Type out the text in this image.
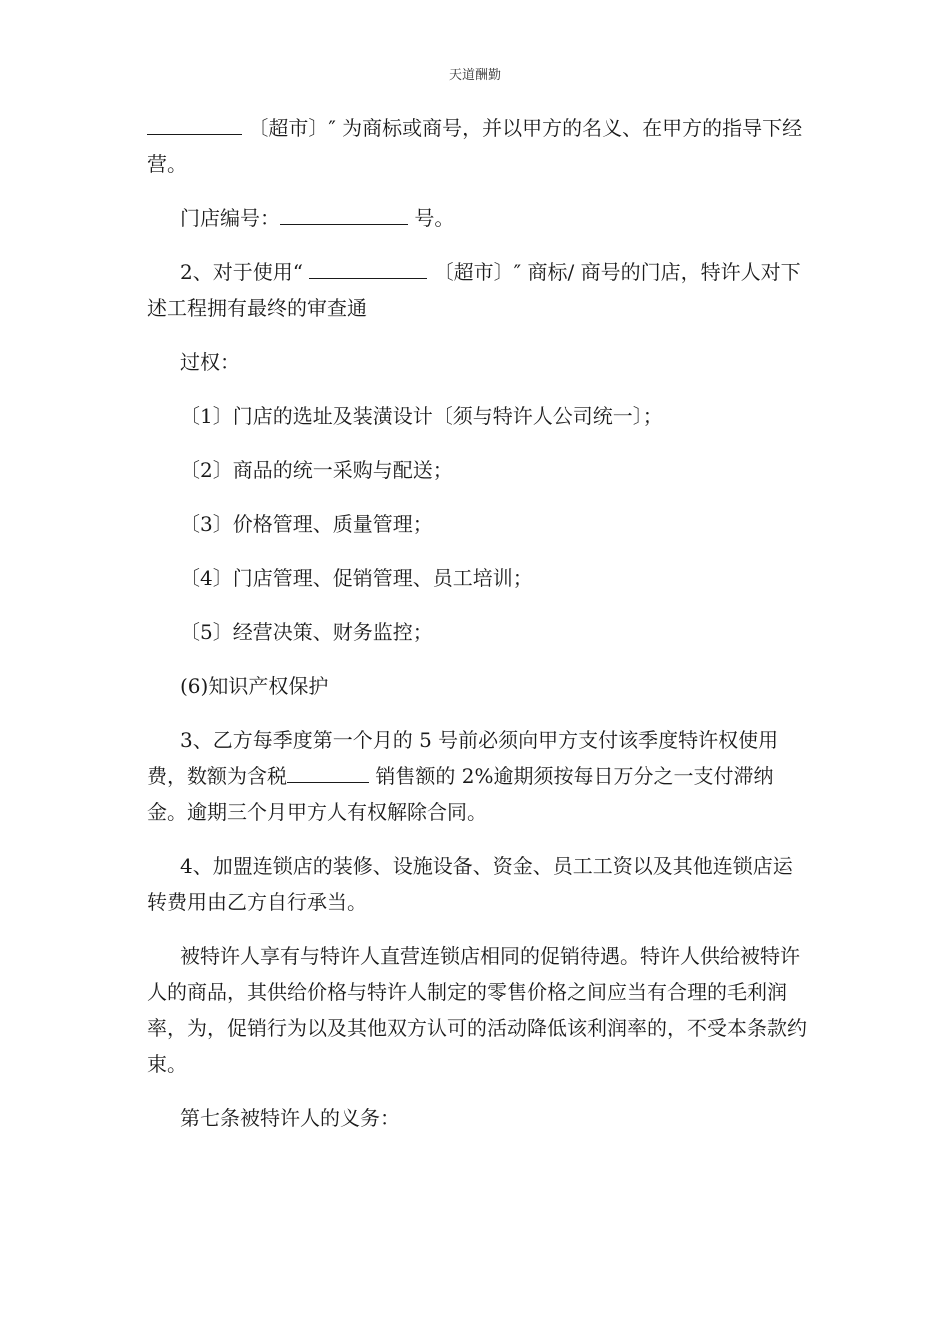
天道酬勤

〔超市〕″ 为商标或商号，并以甲方的名义、在甲方的指导下经营。

门店编号：	号。

2、对于使用“	〔超市〕″ 商标/ 商号的门店，特许人对下述工程拥有最终的审查通

过权：

〔1〕门店的选址及装潢设计〔须与特许人公司统一〕；

〔2〕商品的统一采购与配送；

〔3〕价格管理、质量管理；

〔4〕门店管理、促销管理、员工培训；

〔5〕经营决策、财务监控；

(6)知识产权保护

3、乙方每季度第一个月的 5 号前必须向甲方支付该季度特许权使用费，数额为含税	销售额的 2%逾期须按每日万分之一支付滞纳金。逾期三个月甲方人有权解除合同。

4、加盟连锁店的装修、设施设备、资金、员工工资以及其他连锁店运转费用由乙方自行承当。

被特许人享有与特许人直营连锁店相同的促销待遇。特许人供给被特许人的商品，其供给价格与特许人制定的零售价格之间应当有合理的毛利润率，为，促销行为以及其他双方认可的活动降低该利润率的，不受本条款约束。

第七条被特许人的义务：
